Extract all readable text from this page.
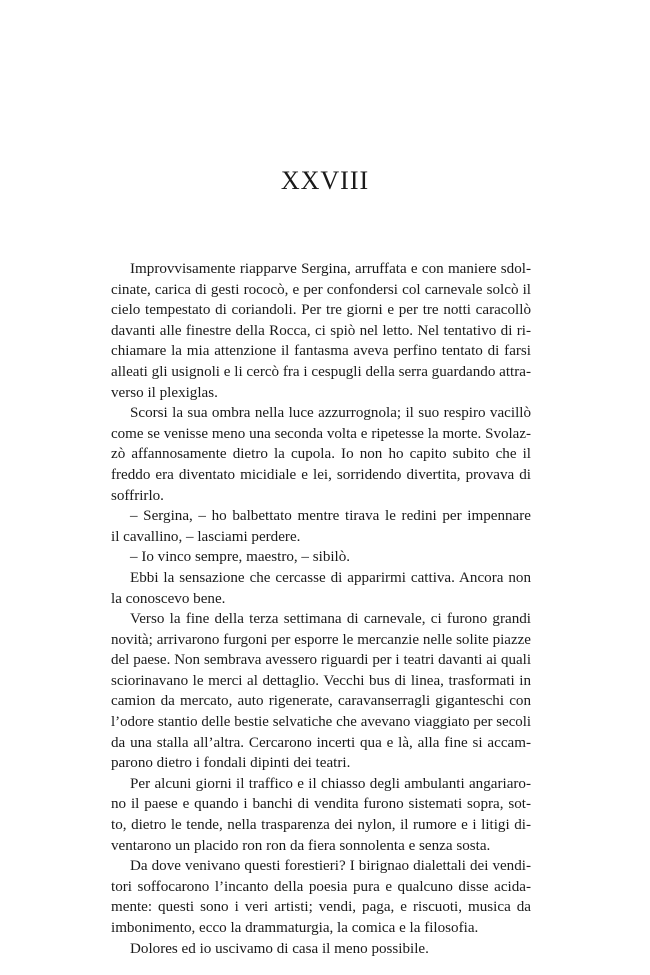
XXVIII
Improvvisamente riapparve Sergina, arruffata e con maniere sdol-
cinate, carica di gesti rococò, e per confondersi col carnevale solcò il
cielo tempestato di coriandoli. Per tre giorni e per tre notti caracollò
davanti alle finestre della Rocca, ci spiò nel letto. Nel tentativo di ri-
chiamare la mia attenzione il fantasma aveva perfino tentato di farsi
alleati gli usignoli e li cercò fra i cespugli della serra guardando attra-
verso il plexiglas.
Scorsi la sua ombra nella luce azzurrognola; il suo respiro vacillò
come se venisse meno una seconda volta e ripetesse la morte. Svolaz-
zò affannosamente dietro la cupola. Io non ho capito subito che il
freddo era diventato micidiale e lei, sorridendo divertita, provava di
soffrirlo.
– Sergina, – ho balbettato mentre tirava le redini per impennare
il cavallino, – lasciami perdere.
– Io vinco sempre, maestro, – sibilò.
Ebbi la sensazione che cercasse di apparirmi cattiva. Ancora non
la conoscevo bene.
Verso la fine della terza settimana di carnevale, ci furono grandi
novità; arrivarono furgoni per esporre le mercanzie nelle solite piazze
del paese. Non sembrava avessero riguardi per i teatri davanti ai quali
sciorinavano le merci al dettaglio. Vecchi bus di linea, trasformati in
camion da mercato, auto rigenerate, caravanserragli giganteschi con
l’odore stantio delle bestie selvatiche che avevano viaggiato per secoli
da una stalla all’altra. Cercarono incerti qua e là, alla fine si accam-
parono dietro i fondali dipinti dei teatri.
Per alcuni giorni il traffico e il chiasso degli ambulanti angariaro-
no il paese e quando i banchi di vendita furono sistemati sopra, sot-
to, dietro le tende, nella trasparenza dei nylon, il rumore e i litigi di-
ventarono un placido ron ron da fiera sonnolenta e senza sosta.
Da dove venivano questi forestieri? I birignao dialettali dei vendi-
tori soffocarono l’incanto della poesia pura e qualcuno disse acida-
mente: questi sono i veri artisti; vendi, paga, e riscuoti, musica da
imbonimento, ecco la drammaturgia, la comica e la filosofia.
Dolores ed io uscivamo di casa il meno possibile.
